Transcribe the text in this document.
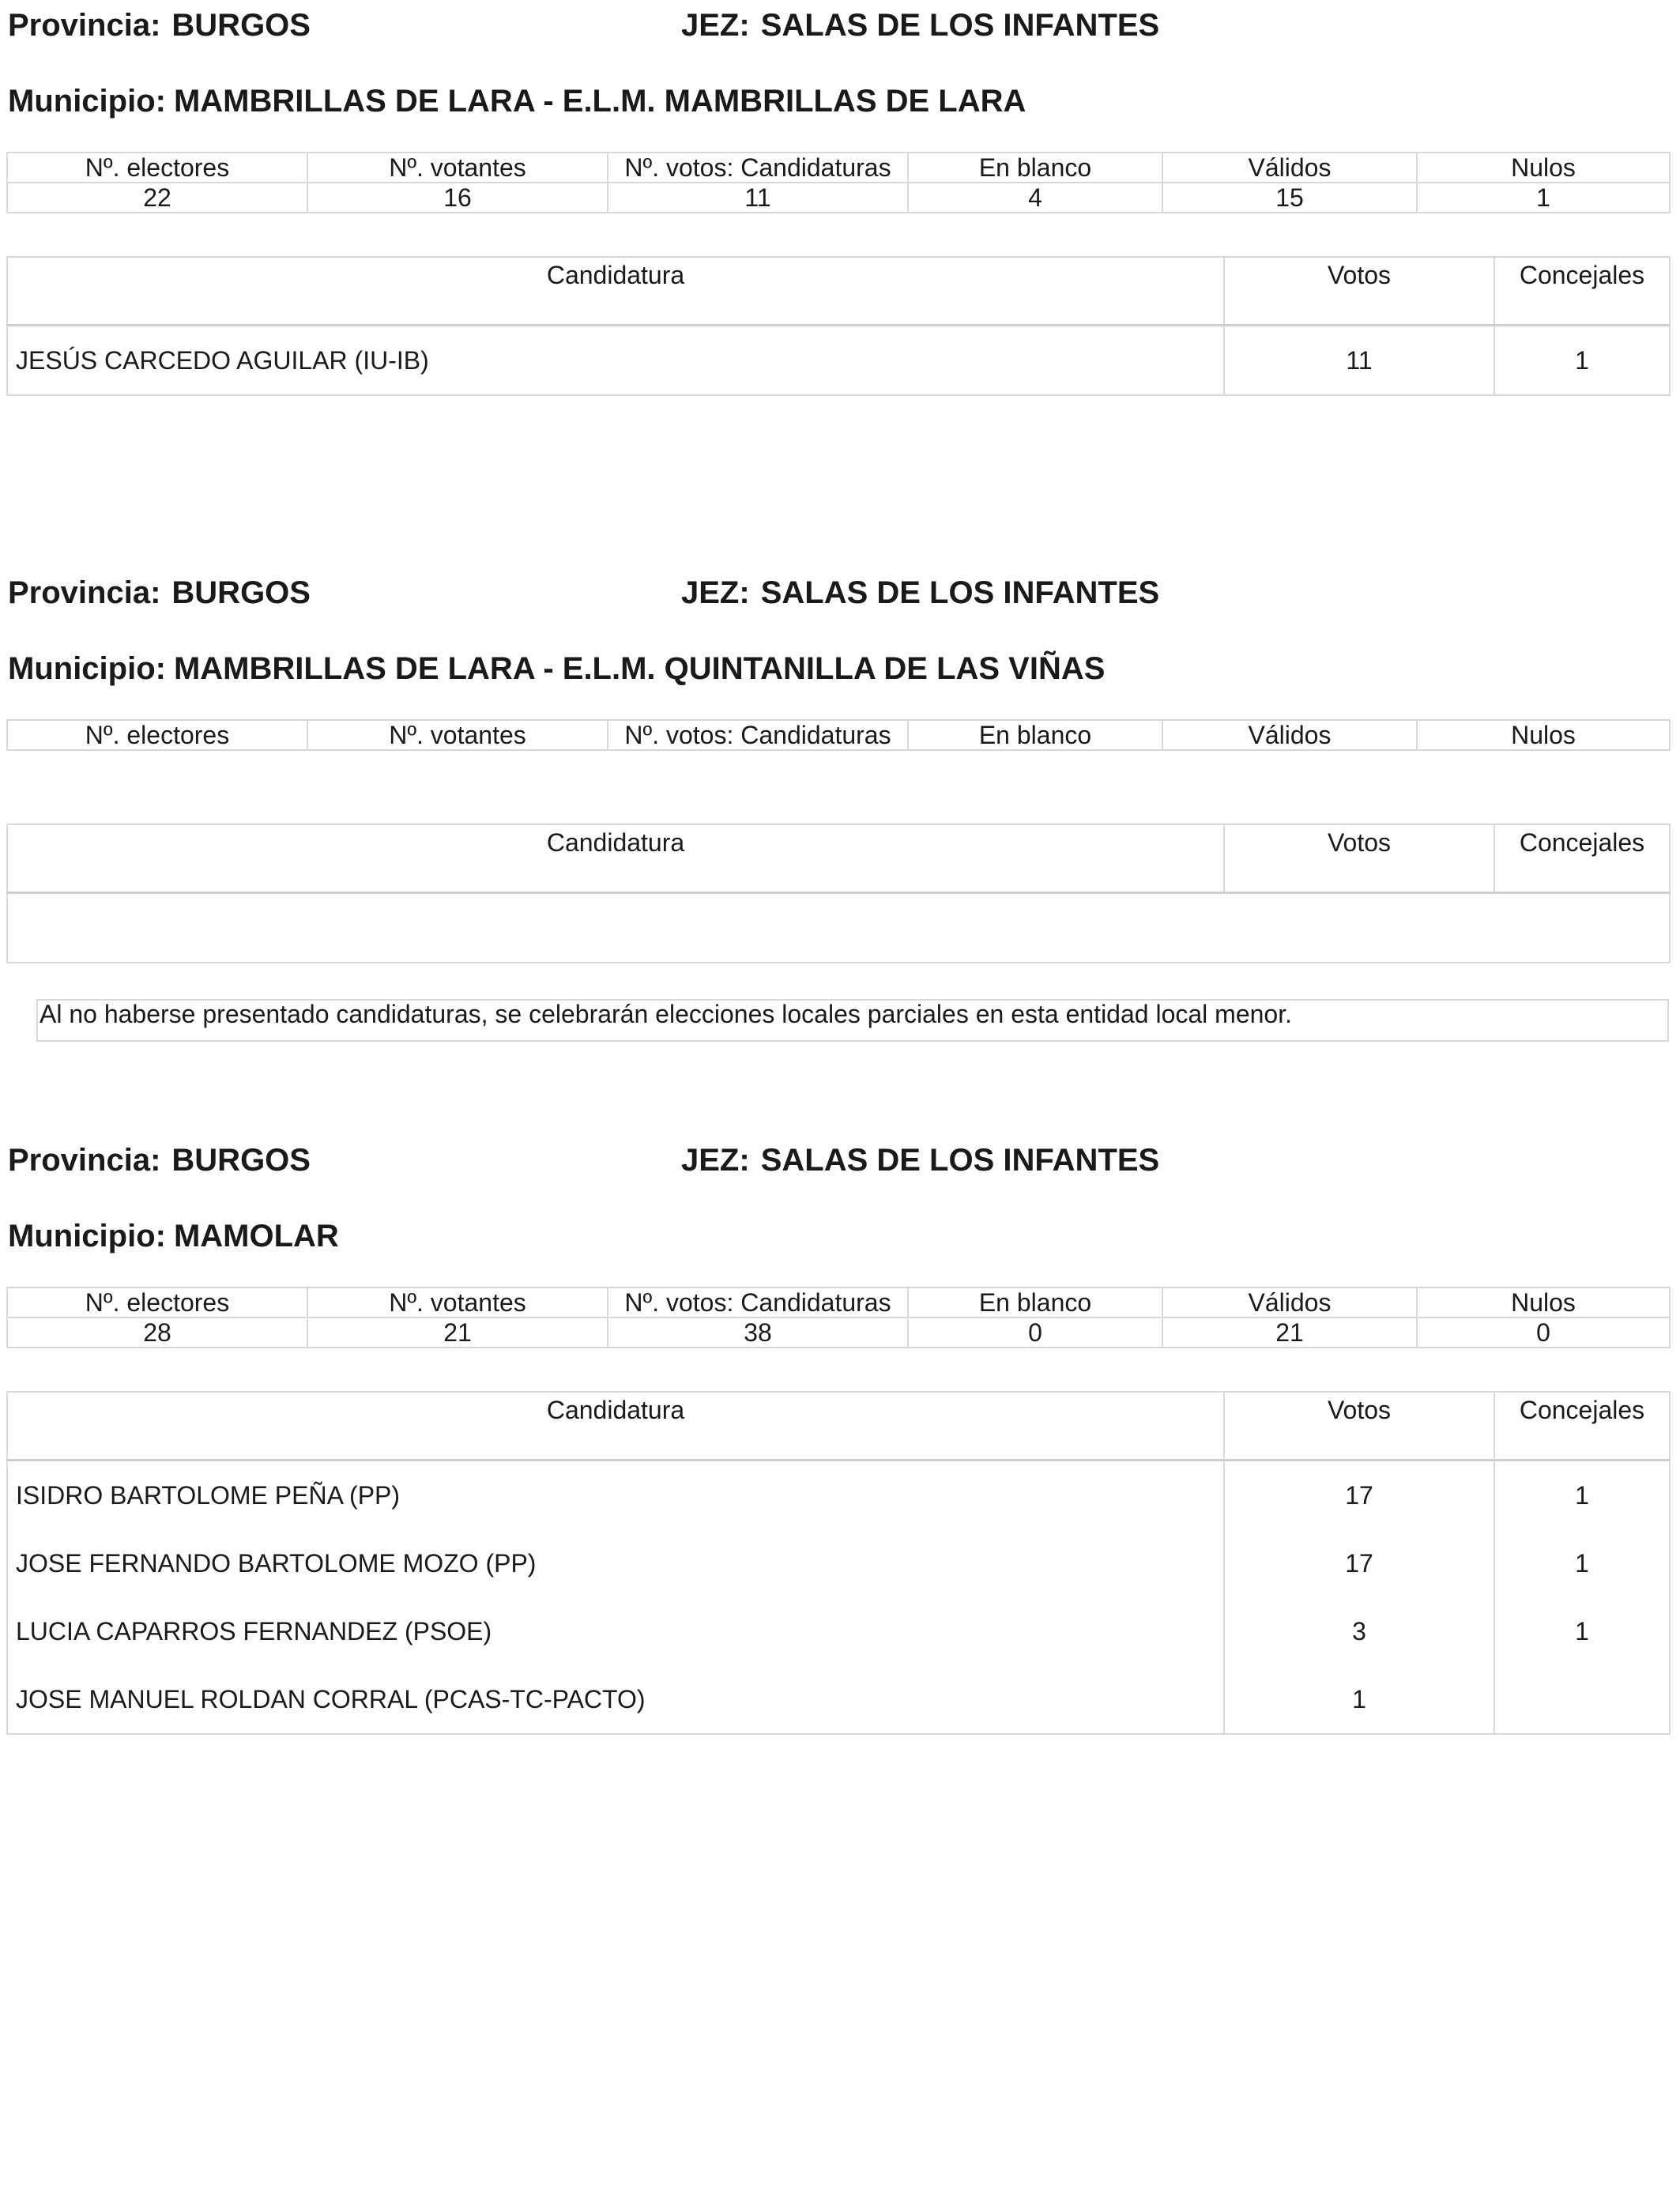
Provincia: BURGOS	JEZ: SALAS DE LOS INFANTES
Municipio: MAMBRILLAS DE LARA - E.L.M. MAMBRILLAS DE LARA
Nº. electores	Nº. votantes	Nº. votos: Candidaturas	En blanco	Válidos	Nulos
22	16	11	4	15	1
Candidatura	Votos	Concejales
JESÚS CARCEDO AGUILAR (IU-IB)	11	1
Provincia: BURGOS	JEZ: SALAS DE LOS INFANTES
Municipio: MAMBRILLAS DE LARA - E.L.M. QUINTANILLA DE LAS VIÑAS
Nº. electores	Nº. votantes	Nº. votos: Candidaturas	En blanco	Válidos	Nulos
Candidatura	Votos	Concejales

Al no haberse presentado candidaturas, se celebrarán elecciones locales parciales en esta entidad local menor.
Provincia: BURGOS	JEZ: SALAS DE LOS INFANTES
Municipio: MAMOLAR
Nº. electores	Nº. votantes	Nº. votos: Candidaturas	En blanco	Válidos	Nulos
28	21	38	0	21	0
Candidatura	Votos	Concejales
ISIDRO BARTOLOME PEÑA (PP)	17	1
JOSE FERNANDO BARTOLOME MOZO (PP)	17	1
LUCIA CAPARROS FERNANDEZ (PSOE)	3	1
JOSE MANUEL ROLDAN CORRAL (PCAS-TC-PACTO)	1	
